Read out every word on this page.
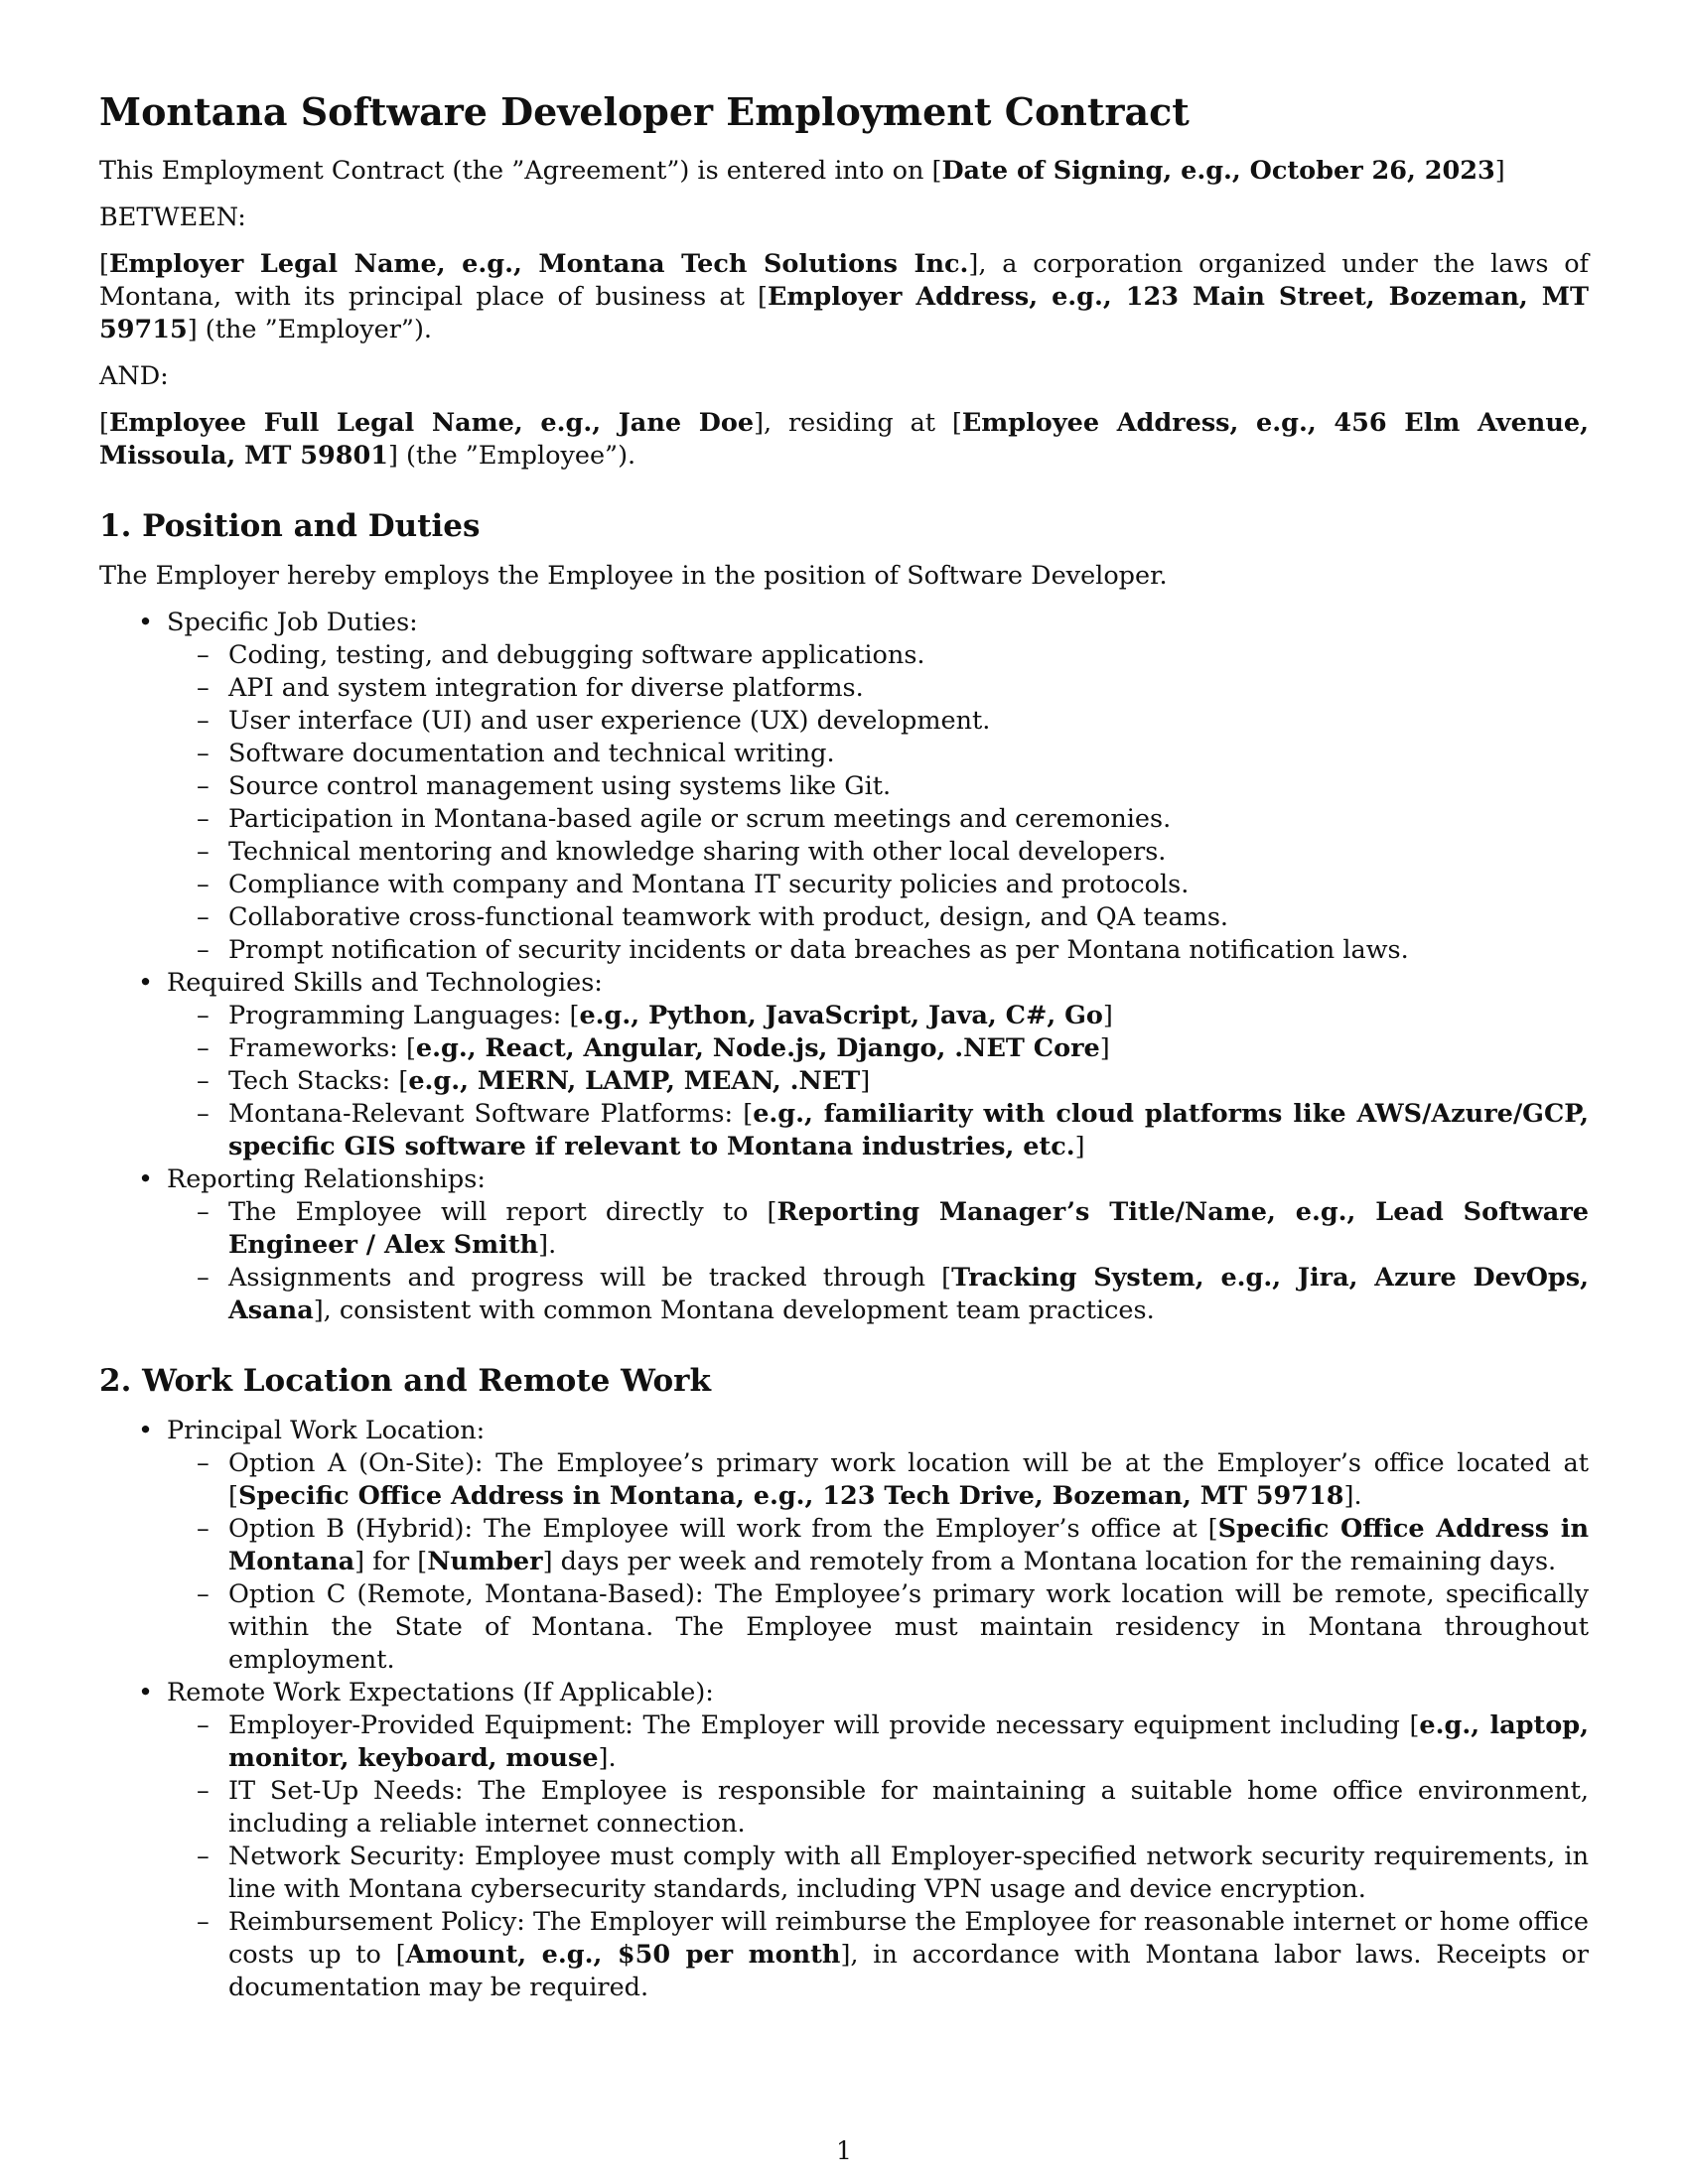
Montana Software Developer Employment Contract

This Employment Contract (the ”Agreement”) is entered into on [Date of Signing, e.g., October 26, 2023]

BETWEEN:

[Employer Legal Name, e.g., Montana Tech Solutions Inc.], a corporation organized under the laws of Montana, with its principal place of business at [Employer Address, e.g., 123 Main Street, Bozeman, MT 59715] (the ”Employer”).

AND:

[Employee Full Legal Name, e.g., Jane Doe], residing at [Employee Address, e.g., 456 Elm Avenue, Missoula, MT 59801] (the ”Employee”).

1. Position and Duties

The Employer hereby employs the Employee in the position of Software Developer.

• Specific Job Duties:
– Coding, testing, and debugging software applications.
– API and system integration for diverse platforms.
– User interface (UI) and user experience (UX) development.
– Software documentation and technical writing.
– Source control management using systems like Git.
– Participation in Montana-based agile or scrum meetings and ceremonies.
– Technical mentoring and knowledge sharing with other local developers.
– Compliance with company and Montana IT security policies and protocols.
– Collaborative cross-functional teamwork with product, design, and QA teams.
– Prompt notification of security incidents or data breaches as per Montana notification laws.
• Required Skills and Technologies:
– Programming Languages: [e.g., Python, JavaScript, Java, C#, Go]
– Frameworks: [e.g., React, Angular, Node.js, Django, .NET Core]
– Tech Stacks: [e.g., MERN, LAMP, MEAN, .NET]
– Montana-Relevant Software Platforms: [e.g., familiarity with cloud platforms like AWS/Azure/GCP, specific GIS software if relevant to Montana industries, etc.]
• Reporting Relationships:
– The Employee will report directly to [Reporting Manager’s Title/Name, e.g., Lead Software Engineer / Alex Smith].
– Assignments and progress will be tracked through [Tracking System, e.g., Jira, Azure DevOps, Asana], consistent with common Montana development team practices.
2. Work Location and Remote Work
• Principal Work Location:
– Option A (On-Site): The Employee’s primary work location will be at the Employer’s office located at [Specific Office Address in Montana, e.g., 123 Tech Drive, Bozeman, MT 59718].
– Option B (Hybrid): The Employee will work from the Employer’s office at [Specific Office Address in Montana] for [Number] days per week and remotely from a Montana location for the remaining days.
– Option C (Remote, Montana-Based): The Employee’s primary work location will be remote, specifically within the State of Montana. The Employee must maintain residency in Montana throughout employment.
• Remote Work Expectations (If Applicable):
– Employer-Provided Equipment: The Employer will provide necessary equipment including [e.g., laptop, monitor, keyboard, mouse].
– IT Set-Up Needs: The Employee is responsible for maintaining a suitable home office environment, including a reliable internet connection.
– Network Security: Employee must comply with all Employer-specified network security requirements, in line with Montana cybersecurity standards, including VPN usage and device encryption.
– Reimbursement Policy: The Employer will reimburse the Employee for reasonable internet or home office costs up to [Amount, e.g., $50 per month], in accordance with Montana labor laws. Receipts or documentation may be required.
1
